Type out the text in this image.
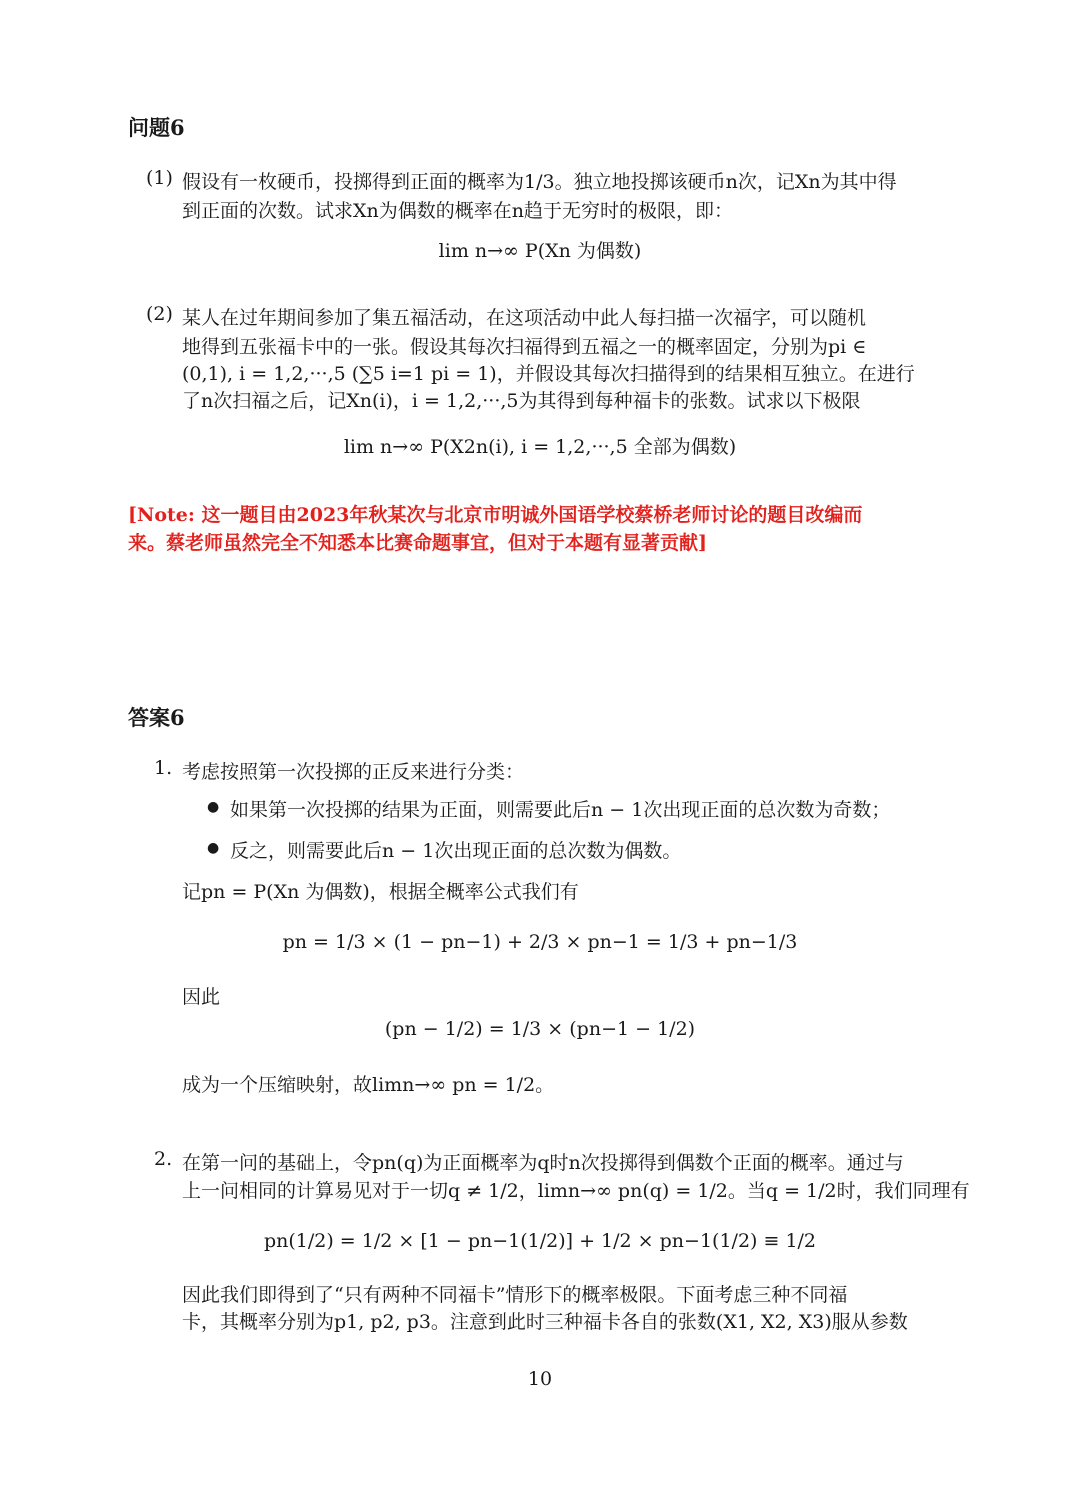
问题6
(1) 假设有一枚硬币，投掷得到正面的概率为1/3。独立地投掷该硬币n次，记Xn为其中得
到正面的次数。试求Xn为偶数的概率在n趋于无穷时的极限，即：
lim n→∞ P(Xn 为偶数)
(2) 某人在过年期间参加了集五福活动，在这项活动中此人每扫描一次福字，可以随机
地得到五张福卡中的一张。假设其每次扫福得到五福之一的概率固定，分别为pi ∈
(0,1), i = 1,2,···,5 (∑5 i=1 pi = 1)，并假设其每次扫描得到的结果相互独立。在进行
了n次扫福之后，记Xn(i)，i = 1,2,···,5为其得到每种福卡的张数。试求以下极限
lim n→∞ P(X2n(i), i = 1,2,···,5 全部为偶数)
[Note: 这一题目由2023年秋某次与北京市明诚外国语学校蔡桥老师讨论的题目改编而
来。蔡老师虽然完全不知悉本比赛命题事宜，但对于本题有显著贡献]
答案6
1. 考虑按照第一次投掷的正反来进行分类：
● 如果第一次投掷的结果为正面，则需要此后n − 1次出现正面的总次数为奇数；
● 反之，则需要此后n − 1次出现正面的总次数为偶数。
记pn = P(Xn 为偶数)，根据全概率公式我们有
pn = 1/3 × (1 − pn−1) + 2/3 × pn−1 = 1/3 + pn−1/3
因此
(pn − 1/2) = 1/3 × (pn−1 − 1/2)
成为一个压缩映射，故limn→∞ pn = 1/2。
2. 在第一问的基础上，令pn(q)为正面概率为q时n次投掷得到偶数个正面的概率。通过与
上一问相同的计算易见对于一切q ≠ 1/2，limn→∞ pn(q) = 1/2。当q = 1/2时，我们同理有
pn(1/2) = 1/2 × [1 − pn−1(1/2)] + 1/2 × pn−1(1/2) ≡ 1/2
因此我们即得到了“只有两种不同福卡”情形下的概率极限。下面考虑三种不同福
卡，其概率分别为p1, p2, p3。注意到此时三种福卡各自的张数(X1, X2, X3)服从参数
10
